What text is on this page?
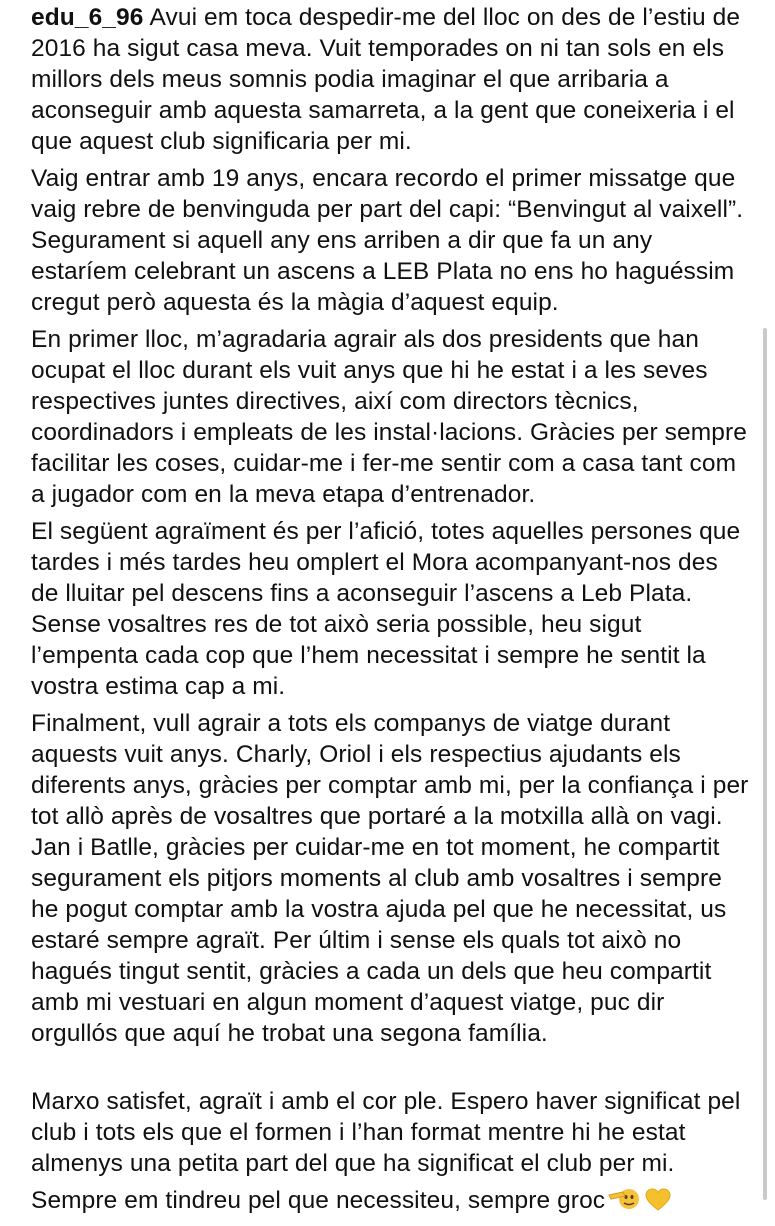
edu_6_96 Avui em toca despedir-me del lloc on des de l’estiu de 2016 ha sigut casa meva. Vuit temporades on ni tan sols en els millors dels meus somnis podia imaginar el que arribaria a aconseguir amb aquesta samarreta, a la gent que coneixeria i el que aquest club significaria per mi.

Vaig entrar amb 19 anys, encara recordo el primer missatge que vaig rebre de benvinguda per part del capi: “Benvingut al vaixell”. Segurament si aquell any ens arriben a dir que fa un any estaríem celebrant un ascens a LEB Plata no ens ho haguéssim cregut però aquesta és la màgia d’aquest equip.

En primer lloc, m’agradaria agrair als dos presidents que han ocupat el lloc durant els vuit anys que hi he estat i a les seves respectives juntes directives, així com directors tècnics, coordinadors i empleats de les instal·lacions. Gràcies per sempre facilitar les coses, cuidar-me i fer-me sentir com a casa tant com a jugador com en la meva etapa d’entrenador.

El següent agraïment és per l’afició, totes aquelles persones que tardes i més tardes heu omplert el Mora acompanyant-nos des de lluitar pel descens fins a aconseguir l’ascens a Leb Plata. Sense vosaltres res de tot això seria possible, heu sigut l’empenta cada cop que l’hem necessitat i sempre he sentit la vostra estima cap a mi.

Finalment, vull agrair a tots els companys de viatge durant aquests vuit anys. Charly, Oriol i els respectius ajudants els diferents anys, gràcies per comptar amb mi, per la confiança i per tot allò après de vosaltres que portaré a la motxilla allà on vagi. Jan i Batlle, gràcies per cuidar-me en tot moment, he compartit segurament els pitjors moments al club amb vosaltres i sempre he pogut comptar amb la vostra ajuda pel que he necessitat, us estaré sempre agraït. Per últim i sense els quals tot això no hagués tingut sentit, gràcies a cada un dels que heu compartit amb mi vestuari en algun moment d’aquest viatge, puc dir orgullós que aquí he trobat una segona família.

Marxo satisfet, agraït i amb el cor ple. Espero haver significat pel club i tots els que el formen i l’han format mentre hi he estat almenys una petita part del que ha significat el club per mi.

Sempre em tindreu pel que necessiteu, sempre groc
